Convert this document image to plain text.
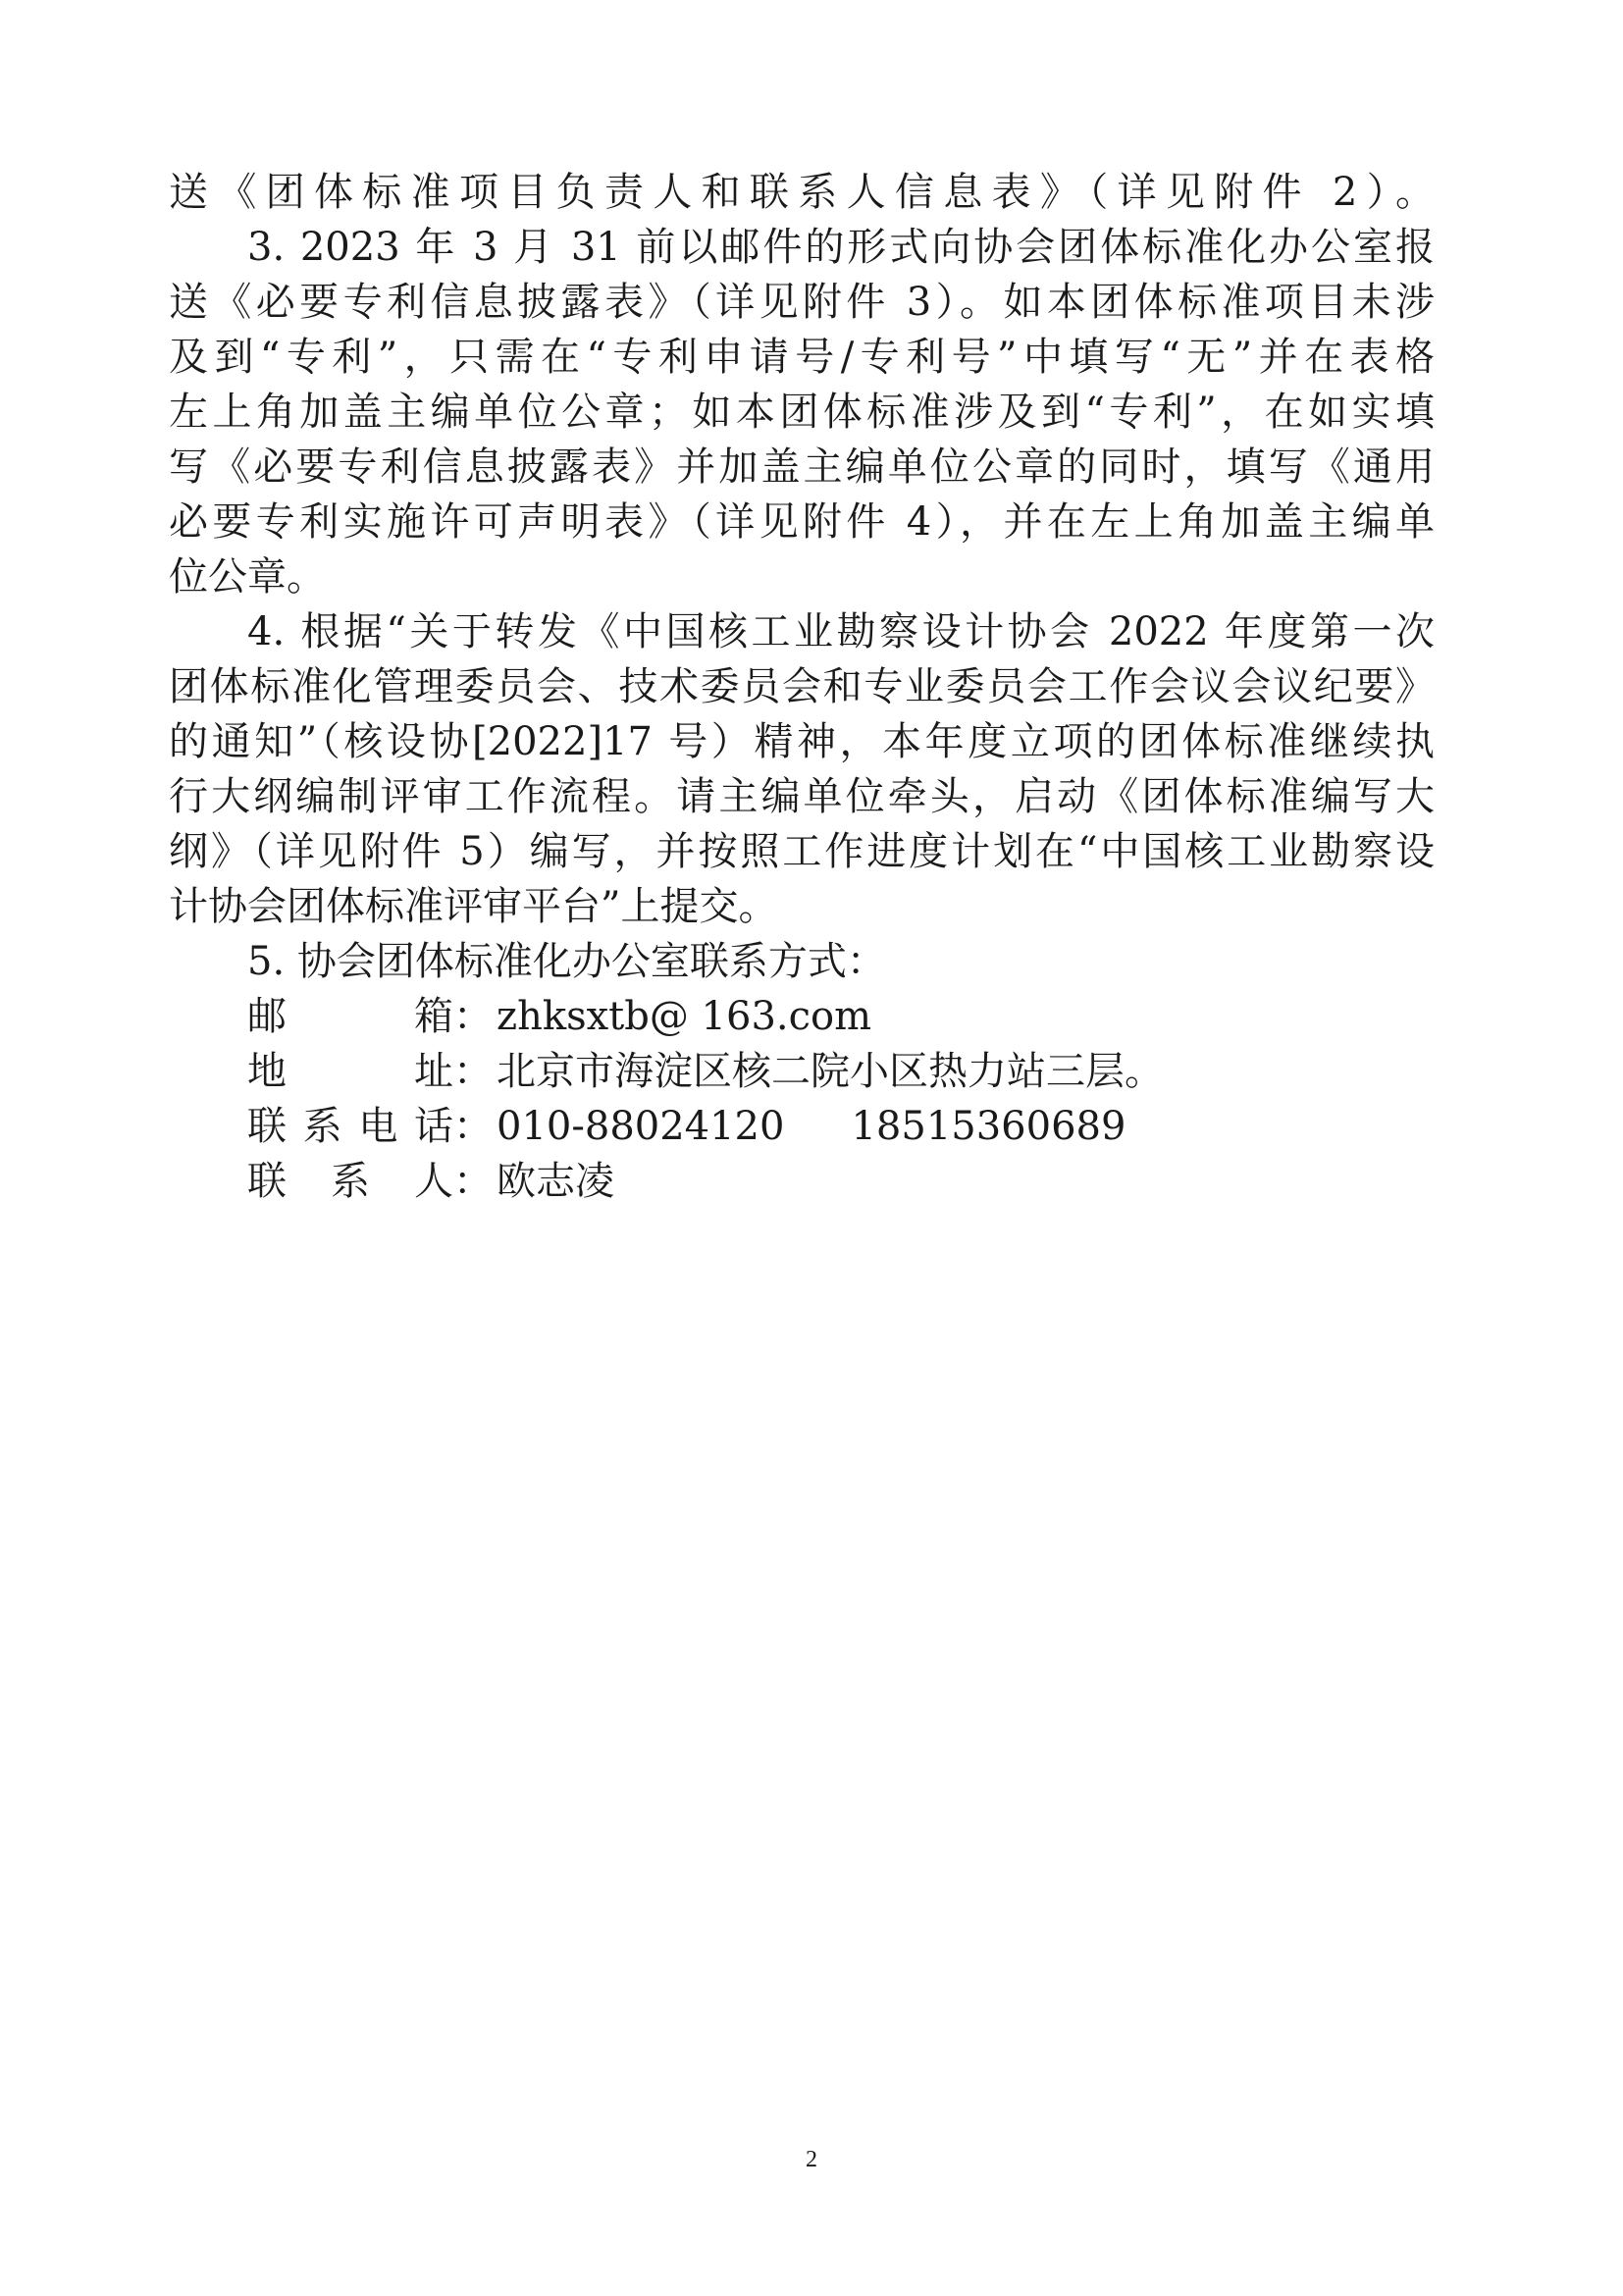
送《团体标准项目负责人和联系人信息表》（详见附件 2）。
3. 2023 年 3 月 31 前以邮件的形式向协会团体标准化办公室报
送《必要专利信息披露表》（详见附件 3）。如本团体标准项目未涉
及到“专利”，只需在“专利申请号/专利号”中填写“无”并在表格
左上角加盖主编单位公章；如本团体标准涉及到“专利”，在如实填
写《必要专利信息披露表》并加盖主编单位公章的同时，填写《通用
必要专利实施许可声明表》（详见附件 4），并在左上角加盖主编单
位公章。
4. 根据“关于转发《中国核工业勘察设计协会 2022 年度第一次
团体标准化管理委员会、技术委员会和专业委员会工作会议会议纪要》
的通知”（核设协[2022]17 号）精神，本年度立项的团体标准继续执
行大纲编制评审工作流程。请主编单位牵头，启动《团体标准编写大
纲》（详见附件 5）编写，并按照工作进度计划在“中国核工业勘察设
计协会团体标准评审平台”上提交。
5. 协会团体标准化办公室联系方式：
邮箱： zhksxtb@ 163.com
地址： 北京市海淀区核二院小区热力站三层。
联系电话： 010-88024120 18515360689
联系人： 欧志凌
2
